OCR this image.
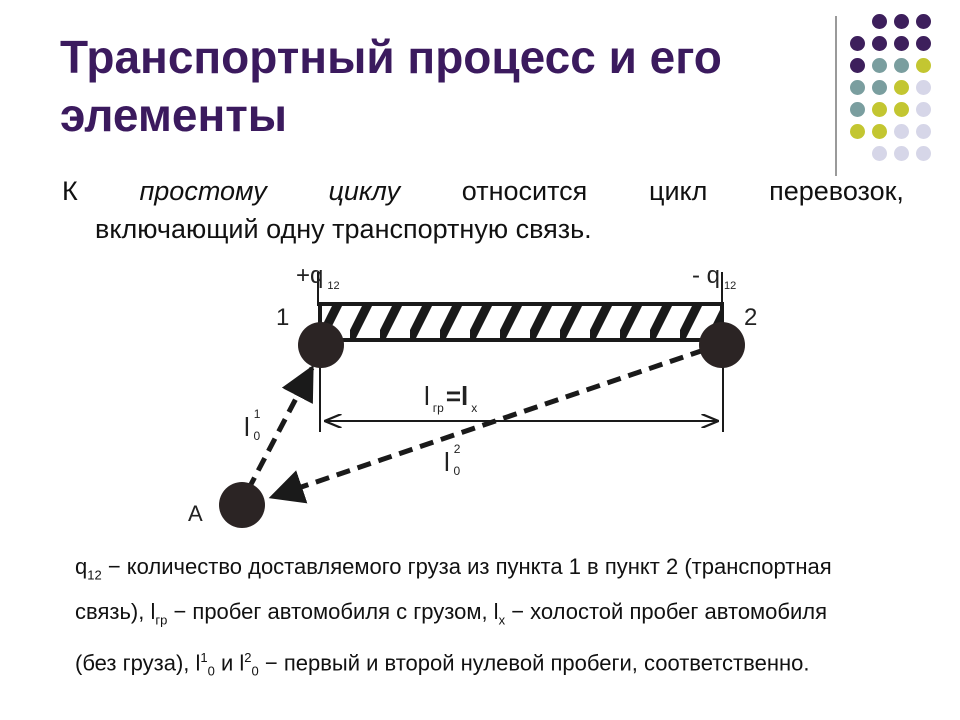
Транспортный процесс и его
элементы
К простому циклу относится цикл перевозок,
включающий одну транспортную связь.
+q $_{12}$	- q $_{12}$
1	2
A
l $_{гр}$=l $_x$
l $^1$ 0
l $^2$ 0
$q_{12}$ − количество доставляемого груза из пункта 1 в пункт 2 (транспортная связь), $l_{гр}$ − пробег автомобиля с грузом, $l_x$ − холостой пробег автомобиля (без груза), $l^1_0$ и $l^2_0$ − первый и второй нулевой пробеги, соответственно.
